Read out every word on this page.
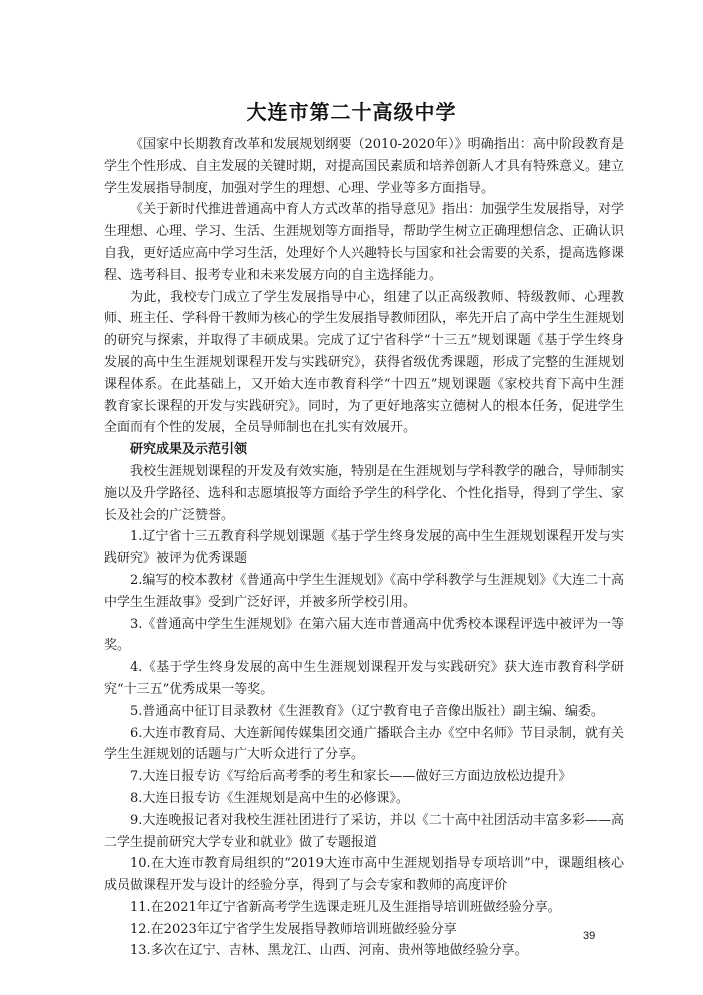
大连市第二十高级中学

《国家中长期教育改革和发展规划纲要（2010-2020年）》明确指出：高中阶段教育是学生个性形成、自主发展的关键时期，对提高国民素质和培养创新人才具有特殊意义。建立学生发展指导制度，加强对学生的理想、心理、学业等多方面指导。

《关于新时代推进普通高中育人方式改革的指导意见》指出：加强学生发展指导，对学生理想、心理、学习、生活、生涯规划等方面指导，帮助学生树立正确理想信念、正确认识自我，更好适应高中学习生活，处理好个人兴趣特长与国家和社会需要的关系，提高选修课程、选考科目、报考专业和未来发展方向的自主选择能力。

为此，我校专门成立了学生发展指导中心，组建了以正高级教师、特级教师、心理教师、班主任、学科骨干教师为核心的学生发展指导教师团队，率先开启了高中学生生涯规划的研究与探索，并取得了丰硕成果。完成了辽宁省科学“十三五”规划课题《基于学生终身发展的高中生生涯规划课程开发与实践研究》，获得省级优秀课题，形成了完整的生涯规划课程体系。在此基础上，又开始大连市教育科学“十四五”规划课题《家校共育下高中生涯教育家长课程的开发与实践研究》。同时，为了更好地落实立德树人的根本任务，促进学生全面而有个性的发展，全员导师制也在扎实有效展开。

研究成果及示范引领

我校生涯规划课程的开发及有效实施，特别是在生涯规划与学科教学的融合，导师制实施以及升学路径、选科和志愿填报等方面给予学生的科学化、个性化指导，得到了学生、家长及社会的广泛赞誉。

1.辽宁省十三五教育科学规划课题《基于学生终身发展的高中生生涯规划课程开发与实践研究》被评为优秀课题

2.编写的校本教材《普通高中学生生涯规划》《高中学科教学与生涯规划》《大连二十高中学生生涯故事》受到广泛好评，并被多所学校引用。

3.《普通高中学生生涯规划》在第六届大连市普通高中优秀校本课程评选中被评为一等奖。

4.《基于学生终身发展的高中生生涯规划课程开发与实践研究》获大连市教育科学研究“十三五”优秀成果一等奖。

5.普通高中征订目录教材《生涯教育》（辽宁教育电子音像出版社）副主编、编委。

6.大连市教育局、大连新闻传媒集团交通广播联合主办《空中名师》节目录制，就有关学生生涯规划的话题与广大听众进行了分享。

7.大连日报专访《写给后高考季的考生和家长——做好三方面边放松边提升》

8.大连日报专访《生涯规划是高中生的必修课》。

9.大连晚报记者对我校生涯社团进行了采访，并以《二十高中社团活动丰富多彩——高二学生提前研究大学专业和就业》做了专题报道

10.在大连市教育局组织的“2019大连市高中生涯规划指导专项培训”中，课题组核心成员做课程开发与设计的经验分享，得到了与会专家和教师的高度评价

11.在2021年辽宁省新高考学生选课走班儿及生涯指导培训班做经验分享。

12.在2023年辽宁省学生发展指导教师培训班做经验分享

13.多次在辽宁、吉林、黑龙江、山西、河南、贵州等地做经验分享。

39
